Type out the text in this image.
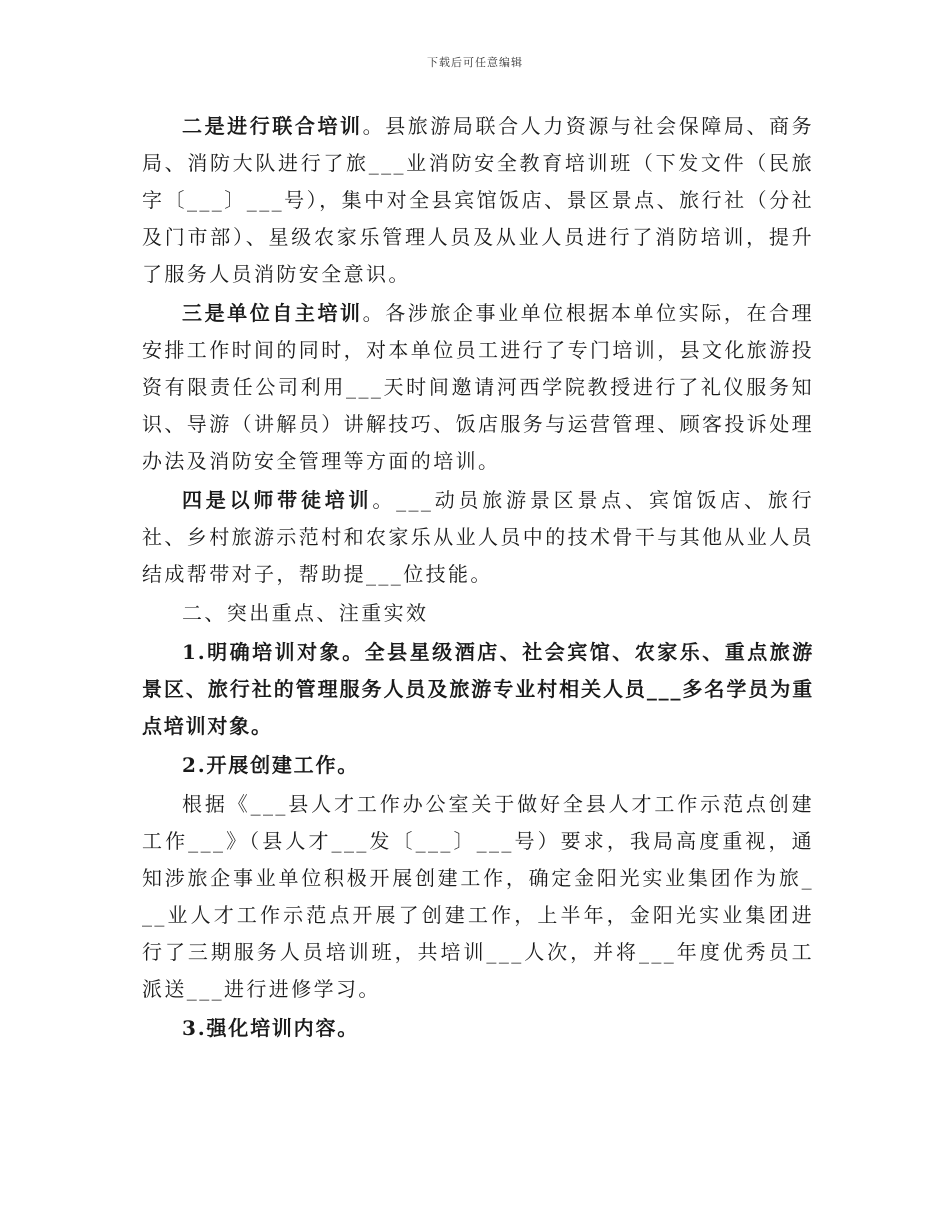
下载后可任意编辑

二是进行联合培训。县旅游局联合人力资源与社会保障局、商务局、消防大队进行了旅___业消防安全教育培训班（下发文件（民旅字〔___〕___号），集中对全县宾馆饭店、景区景点、旅行社（分社及门市部）、星级农家乐管理人员及从业人员进行了消防培训，提升了服务人员消防安全意识。

三是单位自主培训。各涉旅企事业单位根据本单位实际，在合理安排工作时间的同时，对本单位员工进行了专门培训，县文化旅游投资有限责任公司利用___天时间邀请河西学院教授进行了礼仪服务知识、导游（讲解员）讲解技巧、饭店服务与运营管理、顾客投诉处理办法及消防安全管理等方面的培训。

四是以师带徒培训。___动员旅游景区景点、宾馆饭店、旅行社、乡村旅游示范村和农家乐从业人员中的技术骨干与其他从业人员结成帮带对子，帮助提___位技能。

二、突出重点、注重实效

1.明确培训对象。全县星级酒店、社会宾馆、农家乐、重点旅游景区、旅行社的管理服务人员及旅游专业村相关人员___多名学员为重点培训对象。

2.开展创建工作。

根据《___县人才工作办公室关于做好全县人才工作示范点创建工作___》（县人才___发〔___〕___号）要求，我局高度重视，通知涉旅企事业单位积极开展创建工作，确定金阳光实业集团作为旅___业人才工作示范点开展了创建工作，上半年，金阳光实业集团进行了三期服务人员培训班，共培训___人次，并将___年度优秀员工派送___进行进修学习。

3.强化培训内容。
